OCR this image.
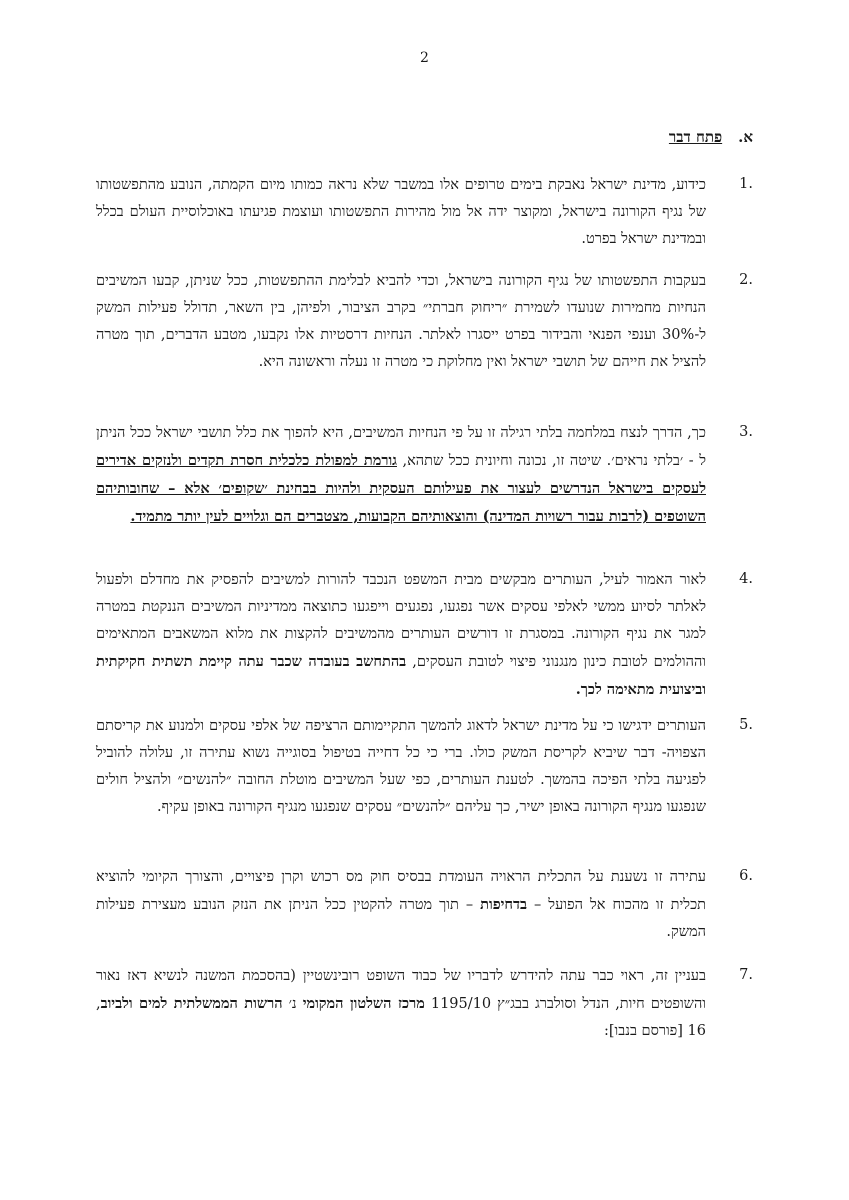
2
א.
פתח דבר
1.
כידוע, מדינת ישראל נאבקת בימים טרופים אלו במשבר שלא נראה כמותו מיום הקמתה, הנובע מהתפשטותו של נגיף הקורונה בישראל, ומקוצר ידה אל מול מהירות התפשטותו ועוצמת פגיעתו באוכלוסיית העולם בכלל ובמדינת ישראל בפרט.
2.
בעקבות התפשטותו של נגיף הקורונה בישראל, וכדי להביא לבלימת ההתפשטות, ככל שניתן, קבעו המשיבים הנחיות מחמירות שנועדו לשמירת ״ריחוק חברתי״ בקרב הציבור, ולפיהן, בין השאר, תדולל פעילות המשק ל-30% וענפי הפנאי והבידור בפרט ייסגרו לאלתר. הנחיות דרסטיות אלו נקבעו, מטבע הדברים, תוך מטרה להציל את חייהם של תושבי ישראל ואין מחלוקת כי מטרה זו נעלה וראשונה היא.
3.
כך, הדרך לנצח במלחמה בלתי רגילה זו על פי הנחיות המשיבים, היא להפוך את כלל תושבי ישראל ככל הניתן ל - ׳בלתי נראים׳. שיטה זו, נכונה וחיונית ככל שתהא, גורמת למפולת כלכלית חסרת תקדים ולנזקים אדירים לעסקים בישראל הנדרשים לעצור את פעילותם העסקית ולהיות בבחינת ׳שקופים׳ אלא – שחובותיהם השוטפים (לרבות עבור רשויות המדינה) והוצאותיהם הקבועות, מצטברים הם וגלויים לעין יותר מתמיד.
4.
לאור האמור לעיל, העותרים מבקשים מבית המשפט הנכבד להורות למשיבים להפסיק את מחדלם ולפעול לאלתר לסיוע ממשי לאלפי עסקים אשר נפגעו, נפגעים וייפגעו כתוצאה ממדיניות המשיבים הננקטת במטרה למגר את נגיף הקורונה. במסגרת זו דורשים העותרים מהמשיבים להקצות את מלוא המשאבים המתאימים וההולמים לטובת כינון מנגנוני פיצוי לטובת העסקים, בהתחשב בעובדה שכבר עתה קיימת תשתית חקיקתית וביצועית מתאימה לכך.
5.
העותרים ידגישו כי על מדינת ישראל לדאוג להמשך התקיימותם הרציפה של אלפי עסקים ולמנוע את קריסתם הצפויה- דבר שיביא לקריסת המשק כולו. ברי כי כל דחייה בטיפול בסוגייה נשוא עתירה זו, עלולה להוביל לפגיעה בלתי הפיכה בהמשך. לטענת העותרים, כפי שעל המשיבים מוטלת החובה ״להנשים״ ולהציל חולים שנפגעו מנגיף הקורונה באופן ישיר, כך עליהם ״להנשים״ עסקים שנפגעו מנגיף הקורונה באופן עקיף.
6.
עתירה זו נשענת על התכלית הראויה העומדת בבסיס חוק מס רכוש וקרן פיצויים, והצורך הקיומי להוציא תכלית זו מהכוח אל הפועל – בדחיפות – תוך מטרה להקטין ככל הניתן את הנזק הנובע מעצירת פעילות המשק.
7.
בעניין זה, ראוי כבר עתה להידרש לדבריו של כבוד השופט רובינשטיין (בהסכמת המשנה לנשיא דאז נאור והשופטים חיות, הנדל וסולברג בבג״ץ 1195/10 מרכז השלטון המקומי נ׳ הרשות הממשלתית למים ולביוב, 16 [פורסם בנבו]:
